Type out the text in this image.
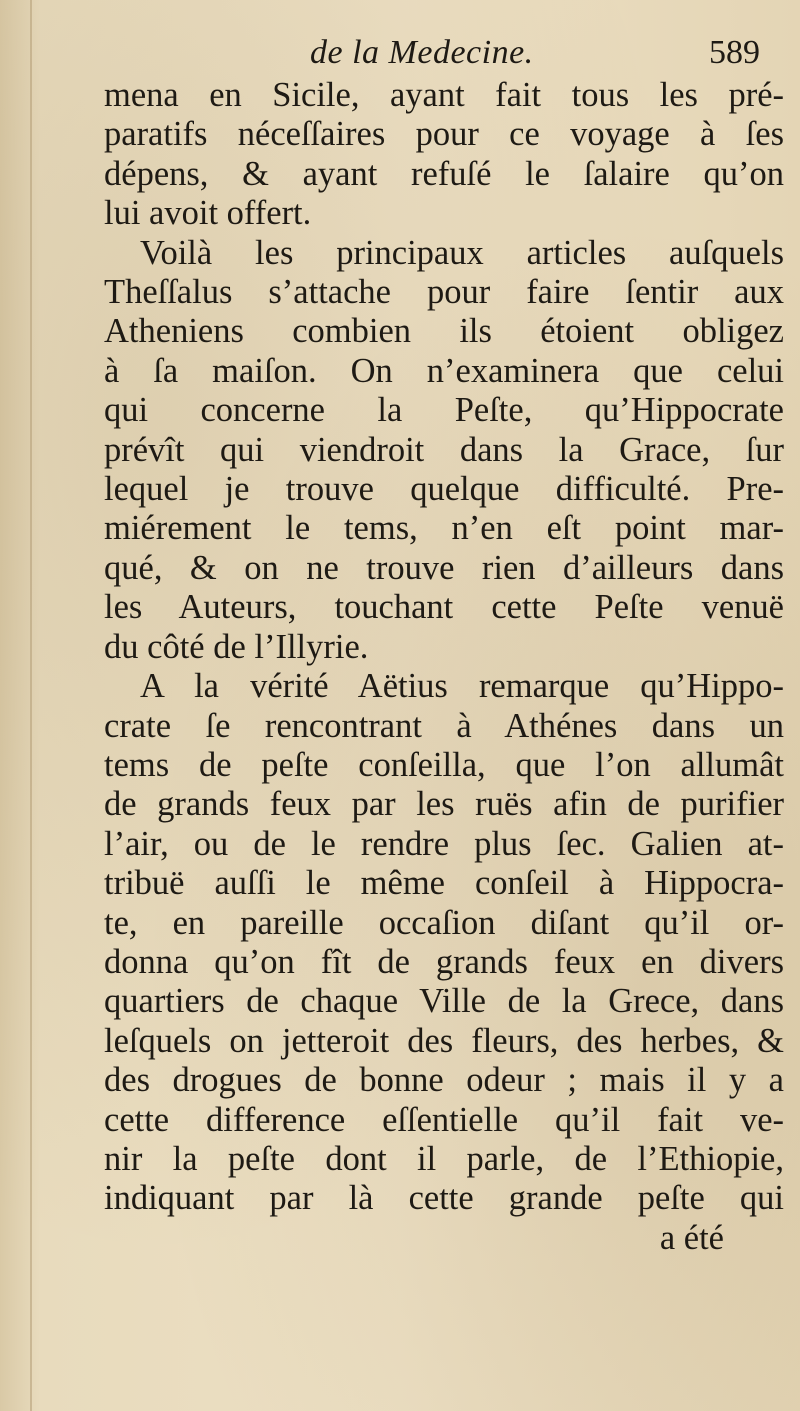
de la Medecine.	589
mena en Sicile, ayant fait tous les pré-
paratifs néceſſaires pour ce voyage à ſes
dépens, & ayant refuſé le ſalaire qu’on
lui avoit offert.
Voilà les principaux articles auſquels
Theſſalus s’attache pour faire ſentir aux
Atheniens combien ils étoient obligez
à ſa maiſon. On n’examinera que celui
qui concerne la Peſte, qu’Hippocrate
prévît qui viendroit dans la Grace, ſur
lequel je trouve quelque difficulté. Pre-
miérement le tems, n’en eſt point mar-
qué, & on ne trouve rien d’ailleurs dans
les Auteurs, touchant cette Peſte venuë
du côté de l’Illyrie.
A la vérité Aëtius remarque qu’Hippo-
crate ſe rencontrant à Athénes dans un
tems de peſte conſeilla, que l’on allumât
de grands feux par les ruës afin de purifier
l’air, ou de le rendre plus ſec. Galien at-
tribuë auſſi le même conſeil à Hippocra-
te, en pareille occaſion diſant qu’il or-
donna qu’on fît de grands feux en divers
quartiers de chaque Ville de la Grece, dans
leſquels on jetteroit des fleurs, des herbes, &
des drogues de bonne odeur ; mais il y a
cette difference eſſentielle qu’il fait ve-
nir la peſte dont il parle, de l’Ethiopie,
indiquant par là cette grande peſte qui
a été
